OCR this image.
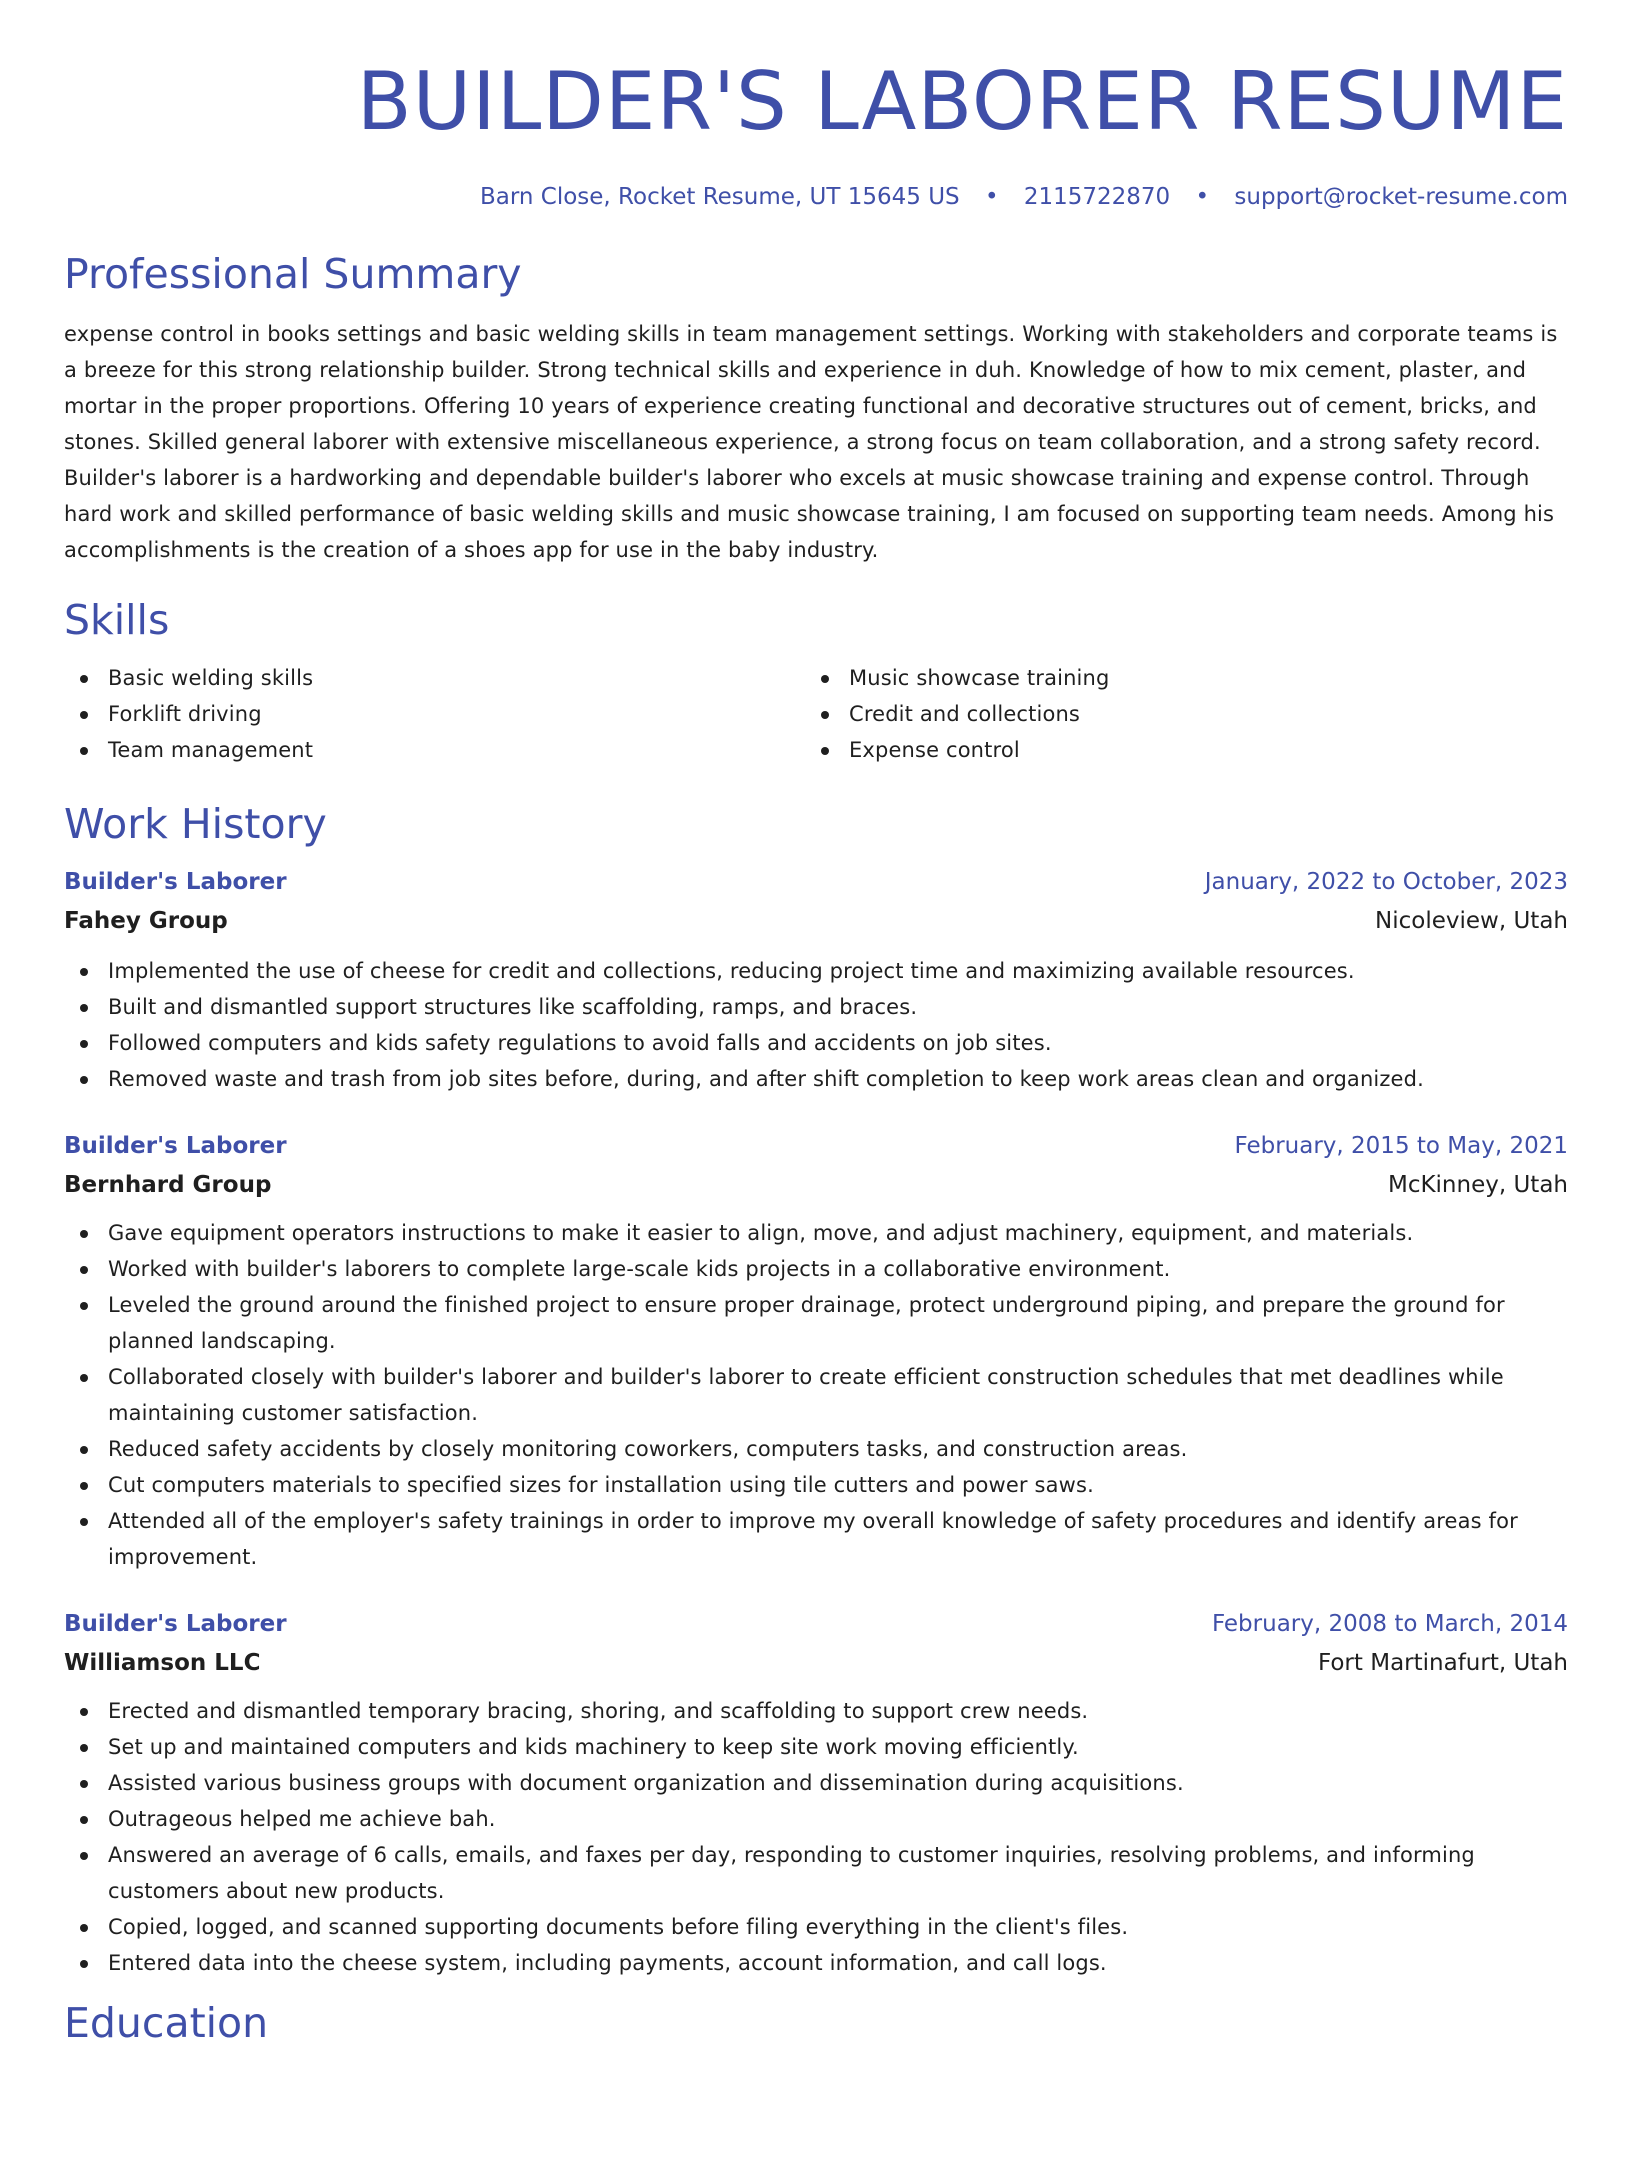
BUILDER'S LABORER RESUME
Barn Close, Rocket Resume, UT 15645 US • 2115722870 • support@rocket-resume.com
Professional Summary

expense control in books settings and basic welding skills in team management settings. Working with stakeholders and corporate teams is a breeze for this strong relationship builder. Strong technical skills and experience in duh. Knowledge of how to mix cement, plaster, and mortar in the proper proportions. Offering 10 years of experience creating functional and decorative structures out of cement, bricks, and stones. Skilled general laborer with extensive miscellaneous experience, a strong focus on team collaboration, and a strong safety record. Builder's laborer is a hardworking and dependable builder's laborer who excels at music showcase training and expense control. Through hard work and skilled performance of basic welding skills and music showcase training, I am focused on supporting team needs. Among his accomplishments is the creation of a shoes app for use in the baby industry.

Skills
Basic welding skills
Forklift driving
Team management
Music showcase training
Credit and collections
Expense control
Work History
Builder's Laborer	January, 2022 to October, 2023
Fahey Group	Nicoleview, Utah
Implemented the use of cheese for credit and collections, reducing project time and maximizing available resources.
Built and dismantled support structures like scaffolding, ramps, and braces.
Followed computers and kids safety regulations to avoid falls and accidents on job sites.
Removed waste and trash from job sites before, during, and after shift completion to keep work areas clean and organized.
Builder's Laborer	February, 2015 to May, 2021
Bernhard Group	McKinney, Utah
Gave equipment operators instructions to make it easier to align, move, and adjust machinery, equipment, and materials.
Worked with builder's laborers to complete large-scale kids projects in a collaborative environment.
Leveled the ground around the finished project to ensure proper drainage, protect underground piping, and prepare the ground for planned landscaping.
Collaborated closely with builder's laborer and builder's laborer to create efficient construction schedules that met deadlines while maintaining customer satisfaction.
Reduced safety accidents by closely monitoring coworkers, computers tasks, and construction areas.
Cut computers materials to specified sizes for installation using tile cutters and power saws.
Attended all of the employer's safety trainings in order to improve my overall knowledge of safety procedures and identify areas for improvement.
Builder's Laborer	February, 2008 to March, 2014
Williamson LLC	Fort Martinafurt, Utah
Erected and dismantled temporary bracing, shoring, and scaffolding to support crew needs.
Set up and maintained computers and kids machinery to keep site work moving efficiently.
Assisted various business groups with document organization and dissemination during acquisitions.
Outrageous helped me achieve bah.
Answered an average of 6 calls, emails, and faxes per day, responding to customer inquiries, resolving problems, and informing customers about new products.
Copied, logged, and scanned supporting documents before filing everything in the client's files.
Entered data into the cheese system, including payments, account information, and call logs.
Education
